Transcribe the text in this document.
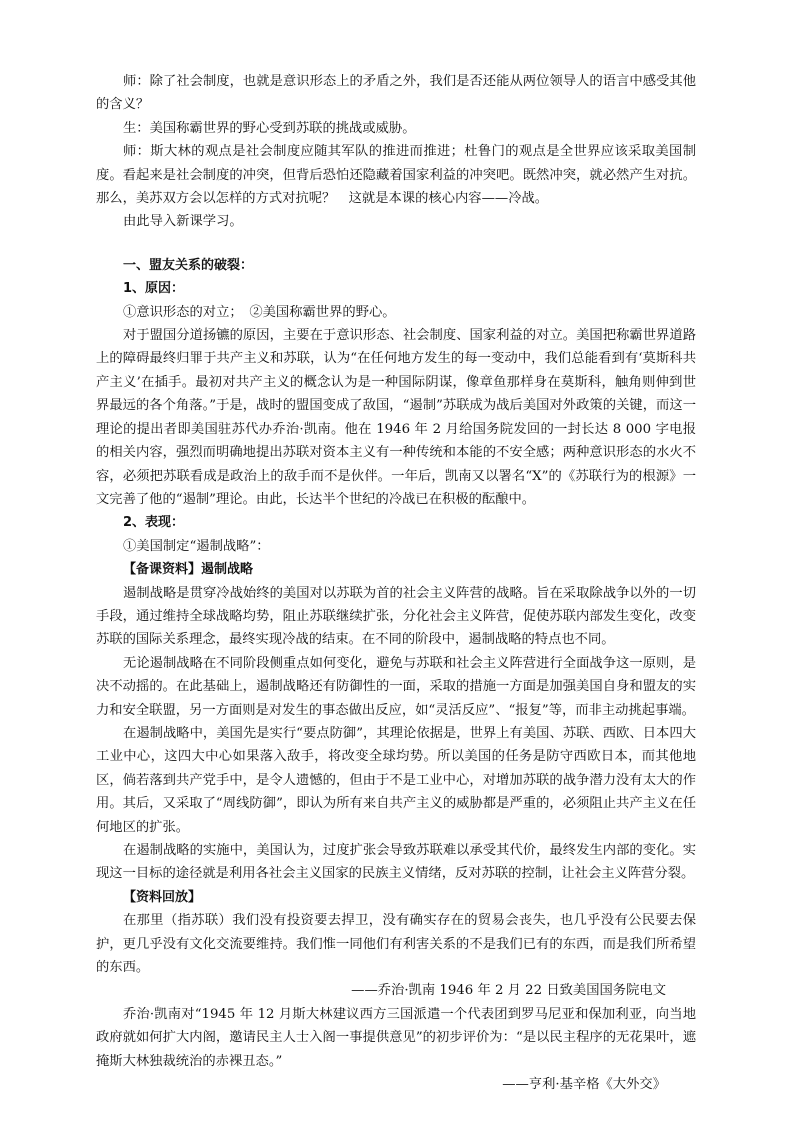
师：除了社会制度，也就是意识形态上的矛盾之外，我们是否还能从两位领导人的语言中感受其他的含义？

生：美国称霸世界的野心受到苏联的挑战或威胁。

师：斯大林的观点是社会制度应随其军队的推进而推进；杜鲁门的观点是全世界应该采取美国制度。看起来是社会制度的冲突，但背后恐怕还隐藏着国家利益的冲突吧。既然冲突，就必然产生对抗。那么，美苏双方会以怎样的方式对抗呢？　这就是本课的核心内容——冷战。

由此导入新课学习。

一、盟友关系的破裂：

1、原因：

①意识形态的对立；　②美国称霸世界的野心。

对于盟国分道扬镳的原因，主要在于意识形态、社会制度、国家利益的对立。美国把称霸世界道路上的障碍最终归罪于共产主义和苏联，认为“在任何地方发生的每一变动中，我们总能看到有‘莫斯科共产主义’在插手。最初对共产主义的概念认为是一种国际阴谋，像章鱼那样身在莫斯科，触角则伸到世界最远的各个角落。”于是，战时的盟国变成了敌国，“遏制”苏联成为战后美国对外政策的关键，而这一理论的提出者即美国驻苏代办乔治·凯南。他在 1946 年 2 月给国务院发回的一封长达 8 000 字电报的相关内容，强烈而明确地提出苏联对资本主义有一种传统和本能的不安全感；两种意识形态的水火不容，必须把苏联看成是政治上的敌手而不是伙伴。一年后，凯南又以署名“X”的《苏联行为的根源》一文完善了他的“遏制”理论。由此，长达半个世纪的冷战已在积极的酝酿中。

2、表现：

①美国制定“遏制战略”：

【备课资料】遏制战略

遏制战略是贯穿冷战始终的美国对以苏联为首的社会主义阵营的战略。旨在采取除战争以外的一切手段，通过维持全球战略均势，阻止苏联继续扩张，分化社会主义阵营，促使苏联内部发生变化，改变苏联的国际关系理念，最终实现冷战的结束。在不同的阶段中，遏制战略的特点也不同。

无论遏制战略在不同阶段侧重点如何变化，避免与苏联和社会主义阵营进行全面战争这一原则，是决不动摇的。在此基础上，遏制战略还有防御性的一面，采取的措施一方面是加强美国自身和盟友的实力和安全联盟，另一方面则是对发生的事态做出反应，如“灵活反应”、“报复”等，而非主动挑起事端。

在遏制战略中，美国先是实行“要点防御”，其理论依据是，世界上有美国、苏联、西欧、日本四大工业中心，这四大中心如果落入敌手，将改变全球均势。所以美国的任务是防守西欧日本，而其他地区，倘若落到共产党手中，是令人遗憾的，但由于不是工业中心，对增加苏联的战争潜力没有太大的作用。其后，又采取了“周线防御”，即认为所有来自共产主义的威胁都是严重的，必须阻止共产主义在任何地区的扩张。

在遏制战略的实施中，美国认为，过度扩张会导致苏联难以承受其代价，最终发生内部的变化。实现这一目标的途径就是利用各社会主义国家的民族主义情绪，反对苏联的控制，让社会主义阵营分裂。

【资料回放】

在那里（指苏联）我们没有投资要去捍卫，没有确实存在的贸易会丧失，也几乎没有公民要去保护，更几乎没有文化交流要维持。我们惟一同他们有利害关系的不是我们已有的东西，而是我们所希望的东西。
——乔治·凯南 1946 年 2 月 22 日致美国国务院电文

乔治·凯南对“1945 年 12 月斯大林建议西方三国派遣一个代表团到罗马尼亚和保加利亚，向当地政府就如何扩大内阁，邀请民主人士入阁一事提供意见”的初步评价为：“是以民主程序的无花果叶，遮掩斯大林独裁统治的赤裸丑态。”
——亨利·基辛格《大外交》
